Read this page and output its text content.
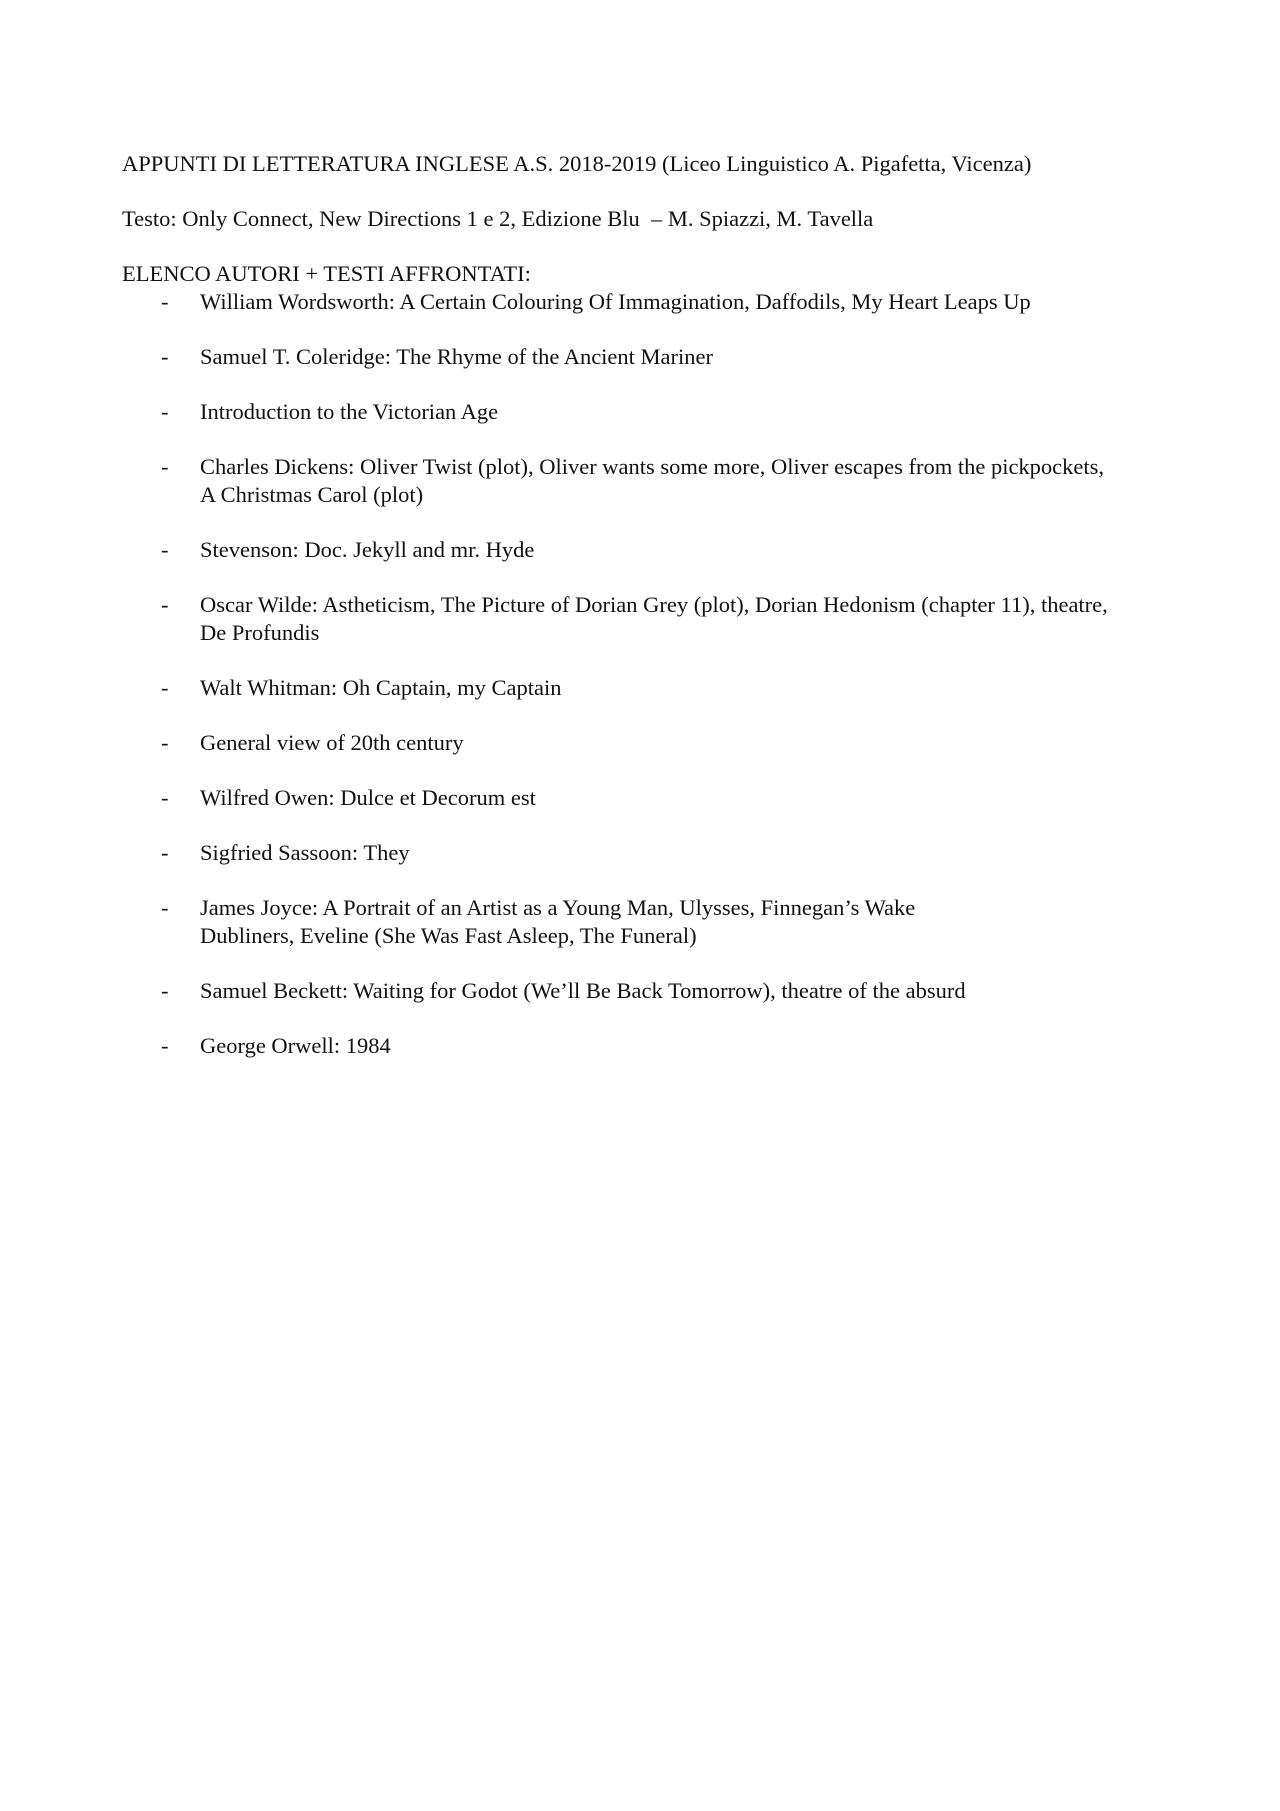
APPUNTI DI LETTERATURA INGLESE A.S. 2018-2019 (Liceo Linguistico A. Pigafetta, Vicenza)

Testo: Only Connect, New Directions 1 e 2, Edizione Blu  – M. Spiazzi, M. Tavella

ELENCO AUTORI + TESTI AFFRONTATI:

- William Wordsworth: A Certain Colouring Of Immagination, Daffodils, My Heart Leaps Up
- Samuel T. Coleridge: The Rhyme of the Ancient Mariner
- Introduction to the Victorian Age
- Charles Dickens: Oliver Twist (plot), Oliver wants some more, Oliver escapes from the pickpockets,
A Christmas Carol (plot)
- Stevenson: Doc. Jekyll and mr. Hyde
- Oscar Wilde: Astheticism, The Picture of Dorian Grey (plot), Dorian Hedonism (chapter 11), theatre,
De Profundis
- Walt Whitman: Oh Captain, my Captain
- General view of 20th century
- Wilfred Owen: Dulce et Decorum est
- Sigfried Sassoon: They
- James Joyce: A Portrait of an Artist as a Young Man, Ulysses, Finnegan’s Wake
Dubliners, Eveline (She Was Fast Asleep, The Funeral)
- Samuel Beckett: Waiting for Godot (We’ll Be Back Tomorrow), theatre of the absurd
- George Orwell: 1984
